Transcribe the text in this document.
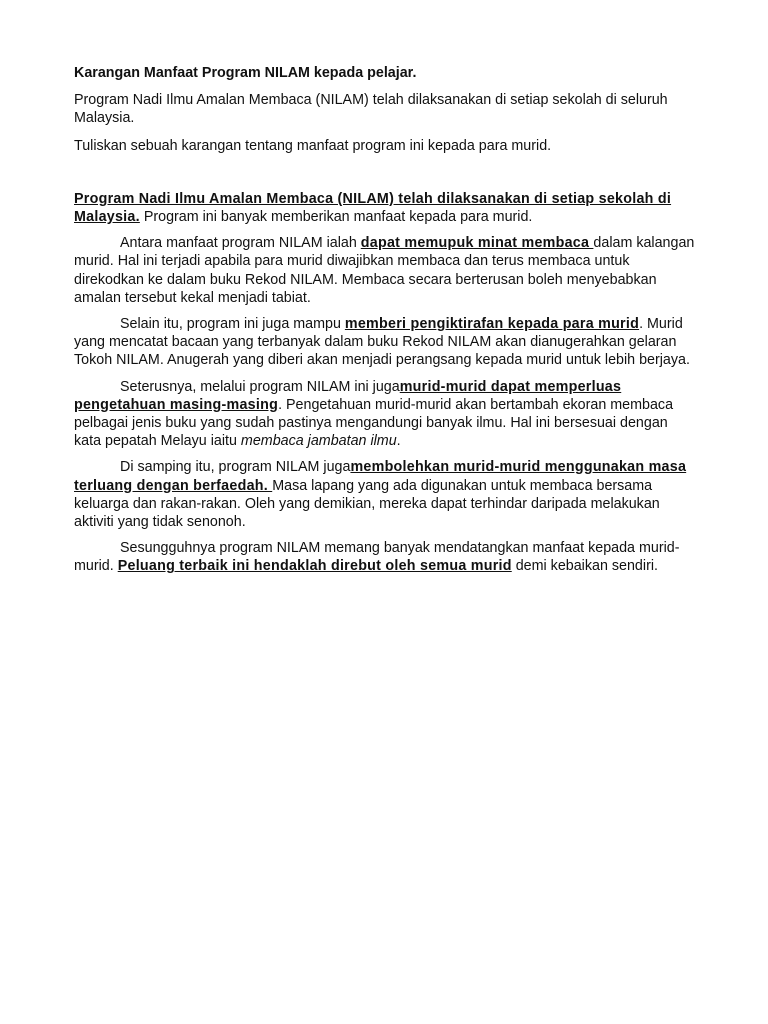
Karangan Manfaat Program NILAM kepada pelajar.

Program Nadi Ilmu Amalan Membaca (NILAM) telah dilaksanakan di setiap sekolah di seluruh Malaysia.

Tuliskan sebuah karangan tentang manfaat program ini kepada para murid.

Program Nadi Ilmu Amalan Membaca (NILAM) telah dilaksanakan di setiap sekolah di Malaysia. Program ini banyak memberikan manfaat kepada para murid.

Antara manfaat program NILAM ialah dapat memupuk minat membaca dalam kalangan murid. Hal ini terjadi apabila para murid diwajibkan membaca dan terus membaca untuk direkodkan ke dalam buku Rekod NILAM. Membaca secara berterusan boleh menyebabkan amalan tersebut kekal menjadi tabiat.

Selain itu, program ini juga mampu memberi pengiktirafan kepada para murid. Murid yang mencatat bacaan yang terbanyak dalam buku Rekod NILAM akan dianugerahkan gelaran Tokoh NILAM. Anugerah yang diberi akan menjadi perangsang kepada murid untuk lebih berjaya.

Seterusnya, melalui program NILAM ini jugamurid-murid dapat memperluas pengetahuan masing-masing. Pengetahuan murid-murid akan bertambah ekoran membaca pelbagai jenis buku yang sudah pastinya mengandungi banyak ilmu. Hal ini bersesuai dengan kata pepatah Melayu iaitu membaca jambatan ilmu.

Di samping itu, program NILAM jugamembolehkan murid-murid menggunakan masa terluang dengan berfaedah. Masa lapang yang ada digunakan untuk membaca bersama keluarga dan rakan-rakan. Oleh yang demikian, mereka dapat terhindar daripada melakukan aktiviti yang tidak senonoh.

Sesungguhnya program NILAM memang banyak mendatangkan manfaat kepada murid-murid. Peluang terbaik ini hendaklah direbut oleh semua murid demi kebaikan sendiri.
